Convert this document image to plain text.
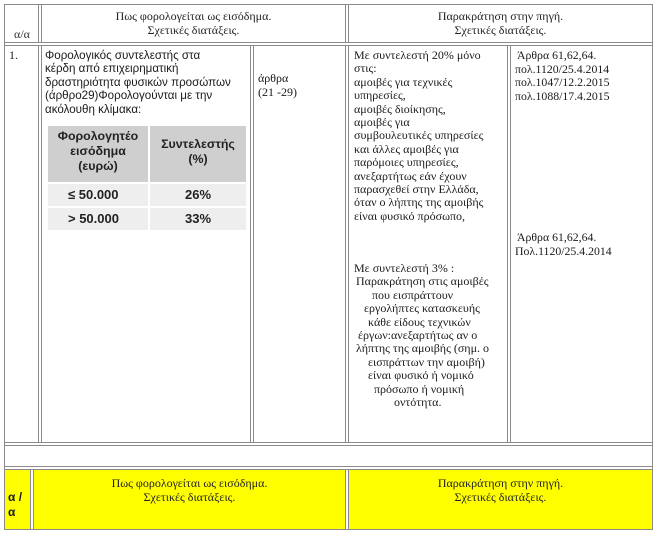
α/α
Πως φορολογείται ως εισόδημα.
Σχετικές διατάξεις.
Παρακράτηση στην πηγή.
Σχετικές διατάξεις.
1. Φορολογικός συντελεστής στα
κέρδη από επιχειρηματική
δραστηριότητα φυσικών προσώπων
(άρθρο29)Φορολογούνται με την
ακόλουθη κλίμακα:
Φορολογητέο
εισόδημα
(ευρώ)
Συντελεστής
(%)
≤ 50.000	26%
> 50.000	33%
άρθρα
(21 -29)
Με συντελεστή 20% μόνο
στις:
αμοιβές για τεχνικές
υπηρεσίες,
αμοιβές διοίκησης,
αμοιβές για
συμβουλευτικές υπηρεσίες
και άλλες αμοιβές για
παρόμοιες υπηρεσίες,
ανεξαρτήτως εάν έχουν
παρασχεθεί στην Ελλάδα,
όταν ο λήπτης της αμοιβής
είναι φυσικό πρόσωπο,
Με συντελεστή 3% :
Παρακράτηση στις αμοιβές
που εισπράττουν
εργολήπτες κατασκευής
κάθε είδους τεχνικών
έργων:ανεξαρτήτως αν ο
λήπτης της αμοιβής (σημ. ο
εισπράττων την αμοιβή)
είναι φυσικό ή νομικό
πρόσωπο ή νομική
οντότητα.
Άρθρα 61,62,64.
πολ.1120/25.4.2014
πολ.1047/12.2.2015
πολ.1088/17.4.2015
Άρθρα 61,62,64.
Πολ.1120/25.4.2014
α /
α
Πως φορολογείται ως εισόδημα.
Σχετικές διατάξεις.
Παρακράτηση στην πηγή.
Σχετικές διατάξεις.
